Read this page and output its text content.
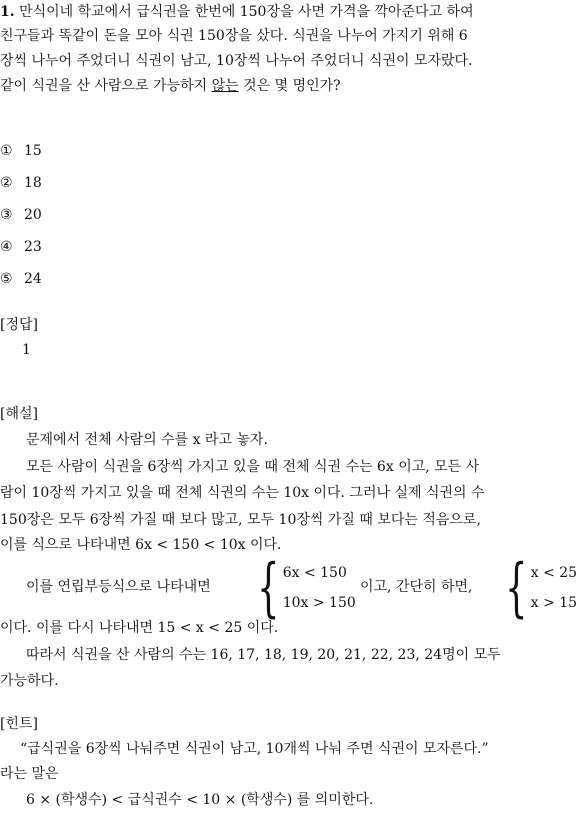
1. 만식이네 학교에서 급식권을 한번에 150장을 사면 가격을 깍아준다고 하여
친구들과 똑같이 돈을 모아 식권 150장을 샀다. 식권을 나누어 가지기 위해 6
장씩 나누어 주었더니 식권이 남고, 10장씩 나누어 주었더니 식권이 모자랐다.
같이 식권을 산 사람으로 가능하지 않는 것은 몇 명인가?
① 15
② 18
③ 20
④ 23
⑤ 24
[정답]
1
[해설]
문제에서 전체 사람의 수를 x 라고 놓자.
모든 사람이 식권을 6장씩 가지고 있을 때 전체 식권 수는 6x 이고, 모든 사
람이 10장씩 가지고 있을 때 전체 식권의 수는 10x 이다. 그러나 실제 식권의 수
150장은 모두 6장씩 가질 때 보다 많고, 모두 10장씩 가질 때 보다는 적음으로,
이를 식으로 나타내면 6x < 150 < 10x 이다.
이를 연립부등식으로 나타내면 { 6x < 150
10x > 150
이고, 간단히 하면, { x < 25
x > 15
이다. 이를 다시 나타내면 15 < x < 25 이다.
따라서 식권을 산 사람의 수는 16, 17, 18, 19, 20, 21, 22, 23, 24명이 모두
가능하다.
[힌트]
“급식권을 6장씩 나눠주면 식권이 남고, 10개씩 나눠 주면 식권이 모자른다.”
라는 말은
6 × (학생수) < 급식권수 < 10 × (학생수) 를 의미한다.
